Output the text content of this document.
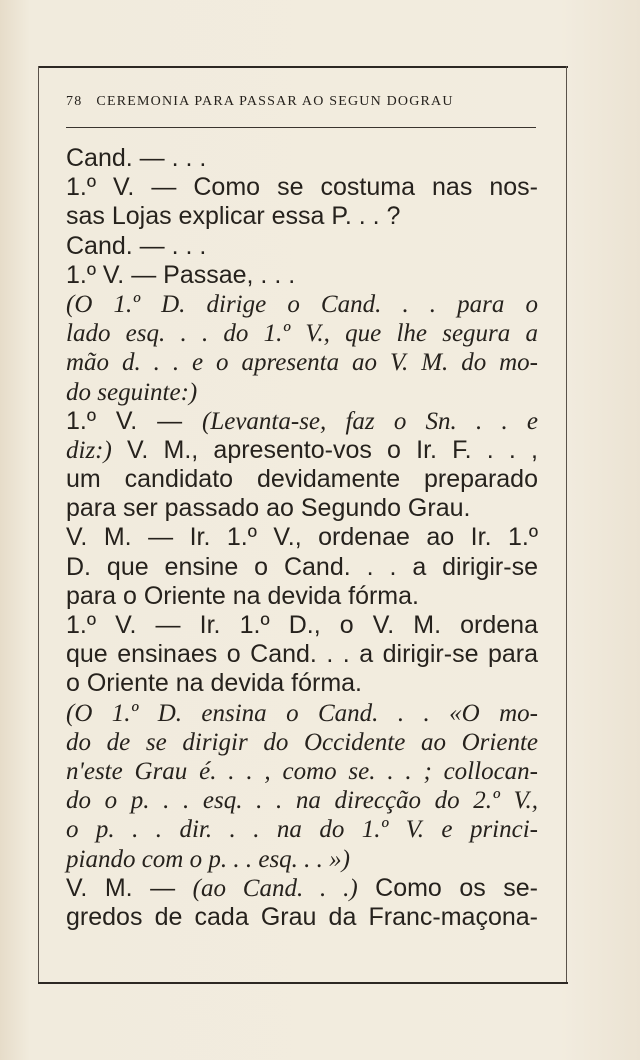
78 CEREMONIA PARA PASSAR AO SEGUN DOGRAU
Cand. — . . .
1.º V. — Como se costuma nas nos-
sas Lojas explicar essa P. . . ?
Cand. — . . .
1.º V. — Passae, . . .
(O 1.º D. dirige o Cand. . . para o
lado esq. . . do 1.º V., que lhe segura a
mão d. . . e o apresenta ao V. M. do mo-
do seguinte:)
1.º V. — (Levanta-se, faz o Sn. . . e
diz:) V. M., apresento-vos o Ir. F. . . ,
um candidato devidamente preparado
para ser passado ao Segundo Grau.
V. M. — Ir. 1.º V., ordenae ao Ir. 1.º
D. que ensine o Cand. . . a dirigir-se
para o Oriente na devida fórma.
1.º V. — Ir. 1.º D., o V. M. ordena
que ensinaes o Cand. . . a dirigir-se para
o Oriente na devida fórma.
(O 1.º D. ensina o Cand. . . «O mo-
do de se dirigir do Occidente ao Oriente
n'este Grau é. . . , como se. . . ; collocan-
do o p. . . esq. . . na direcção do 2.º V.,
o p. . . dir. . . na do 1.º V. e princi-
piando com o p. . . esq. . . »)
V. M. — (ao Cand. . .) Como os se-
gredos de cada Grau da Franc-maçona-
